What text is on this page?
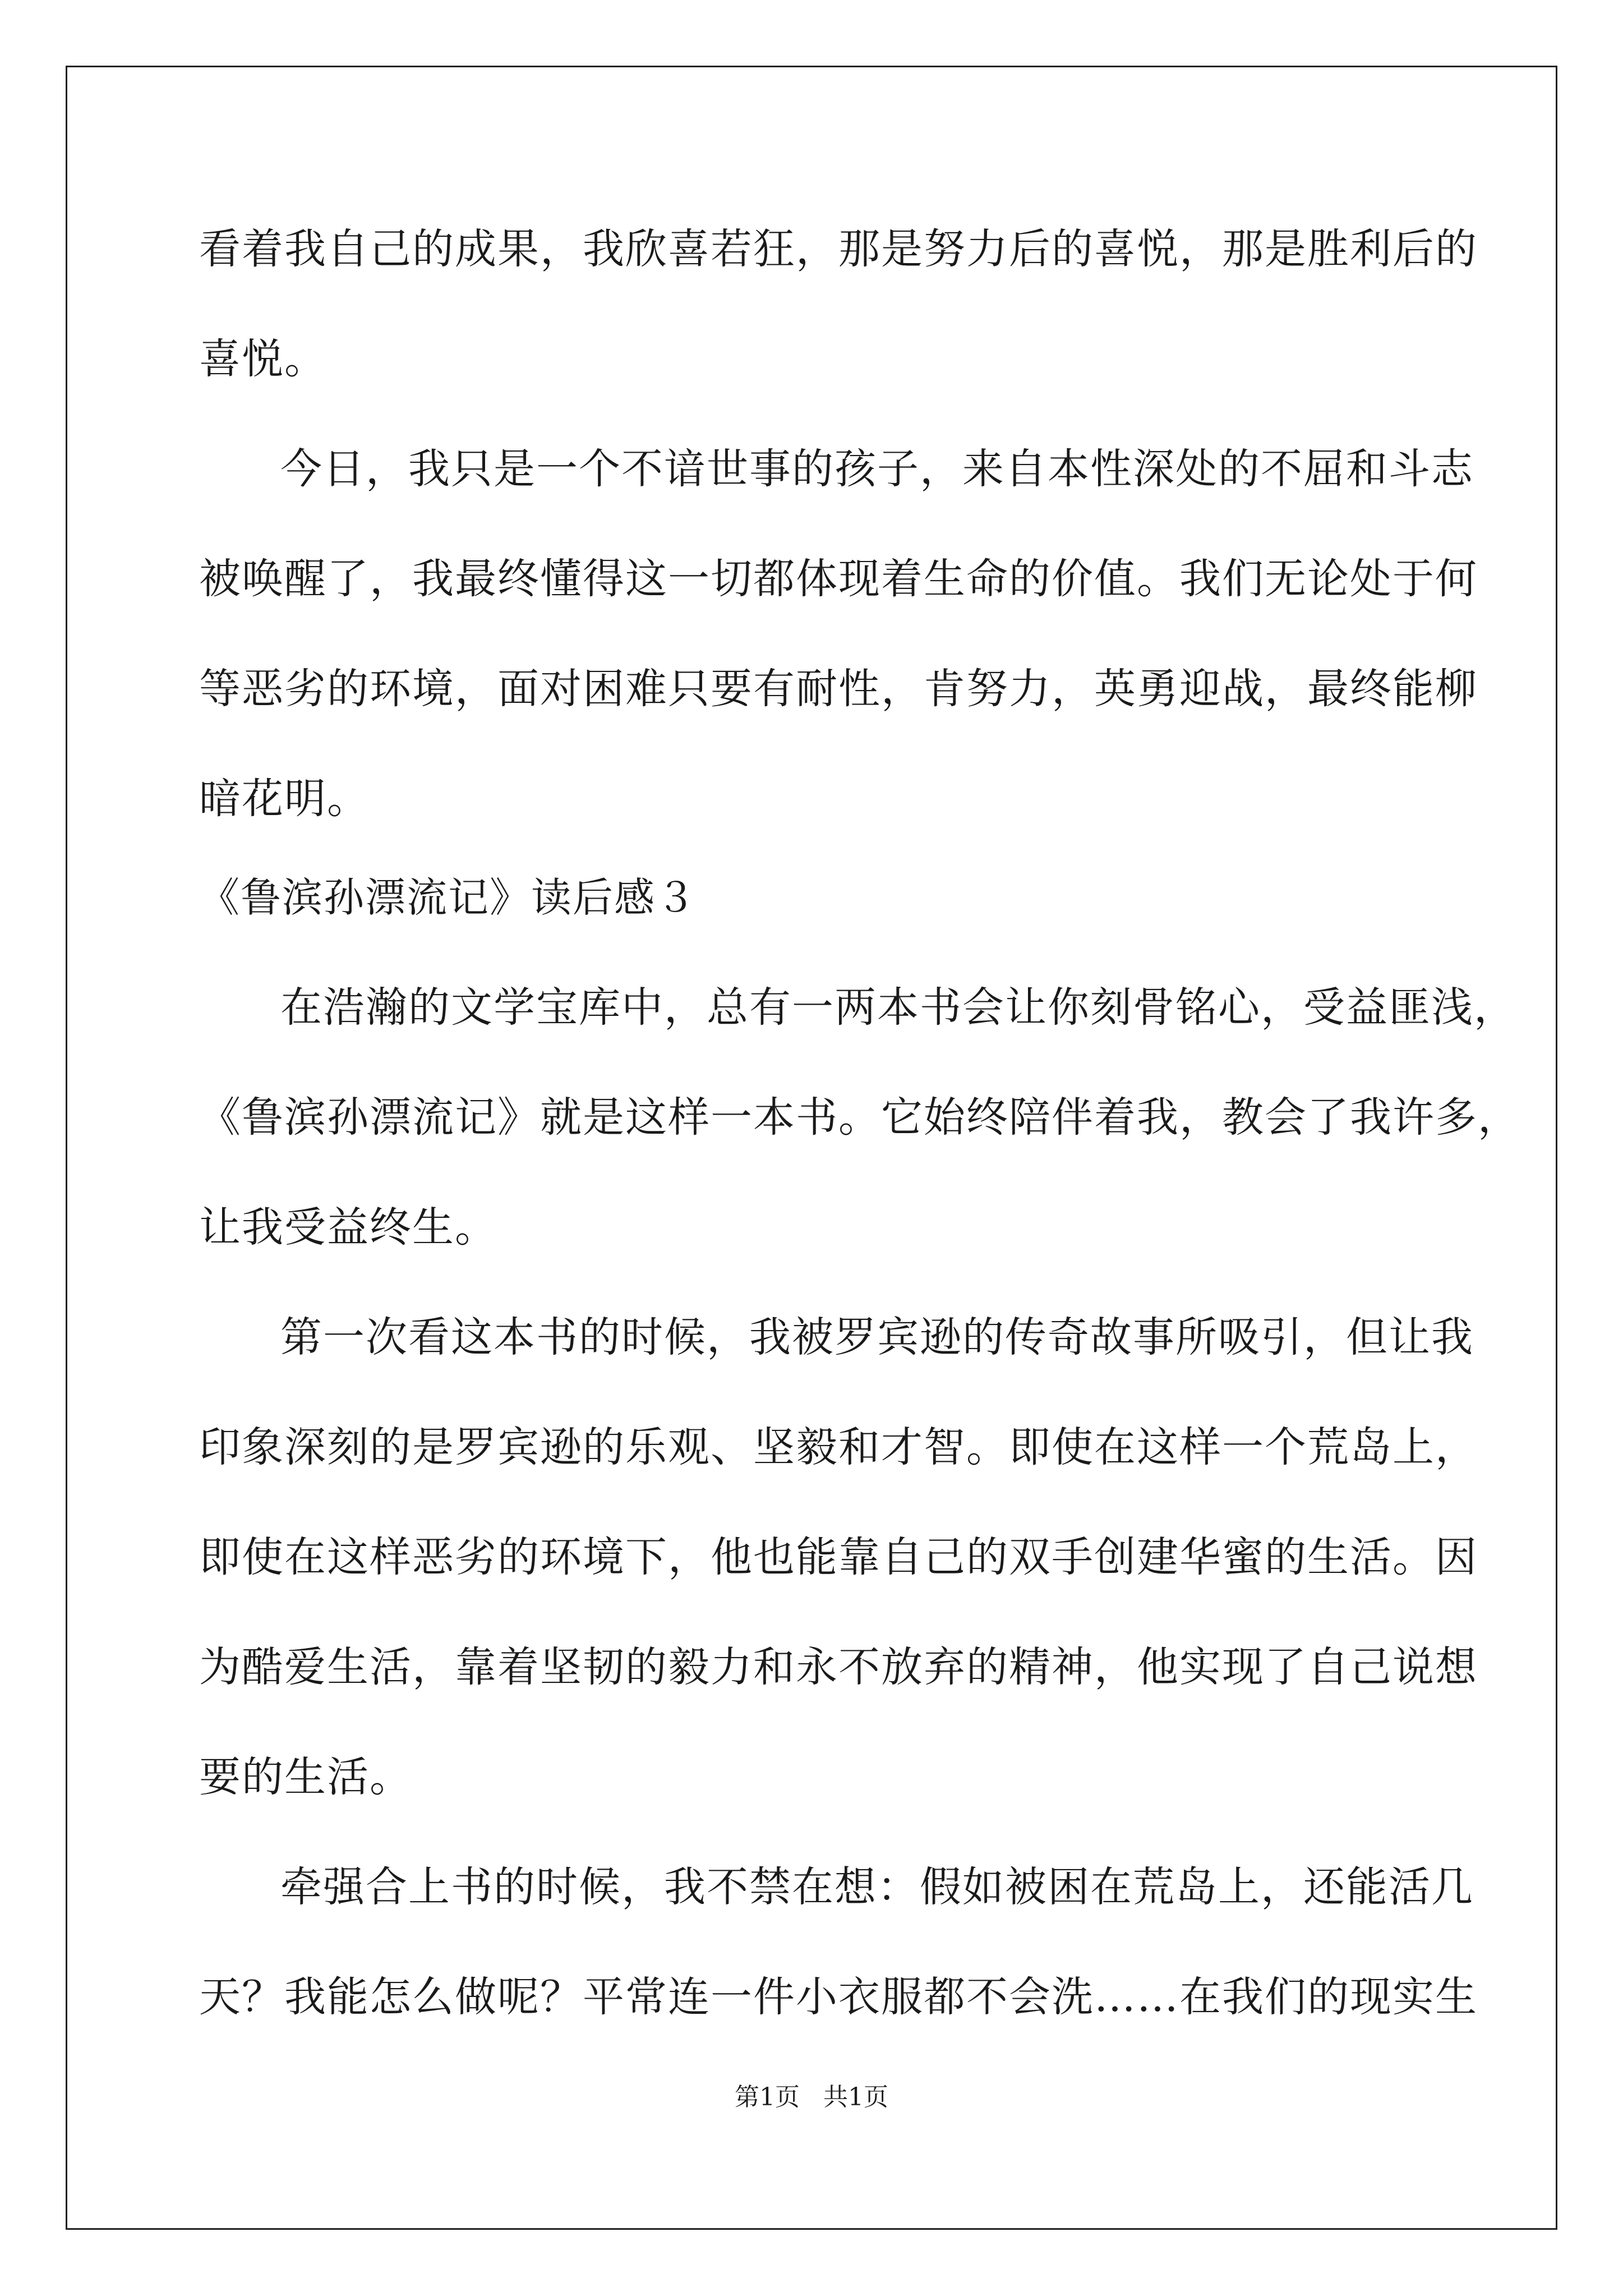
看着我自己的成果，我欣喜若狂，那是努力后的喜悦，那是胜利后的
喜悦。
今日，我只是一个不谙世事的孩子，来自本性深处的不屈和斗志
被唤醒了，我最终懂得这一切都体现着生命的价值。我们无论处于何
等恶劣的环境，面对困难只要有耐性，肯努力，英勇迎战，最终能柳
暗花明。
《鲁滨孙漂流记》读后感３
在浩瀚的文学宝库中，总有一两本书会让你刻骨铭心，受益匪浅，
《鲁滨孙漂流记》就是这样一本书。它始终陪伴着我，教会了我许多，
让我受益终生。
第一次看这本书的时候，我被罗宾逊的传奇故事所吸引，但让我
印象深刻的是罗宾逊的乐观、坚毅和才智。即使在这样一个荒岛上，
即使在这样恶劣的环境下，他也能靠自己的双手创建华蜜的生活。因
为酷爱生活，靠着坚韧的毅力和永不放弃的精神，他实现了自己说想
要的生活。
牵强合上书的时候，我不禁在想：假如被困在荒岛上，还能活几
天？我能怎么做呢？平常连一件小衣服都不会洗……在我们的现实生
第1页   共1页
